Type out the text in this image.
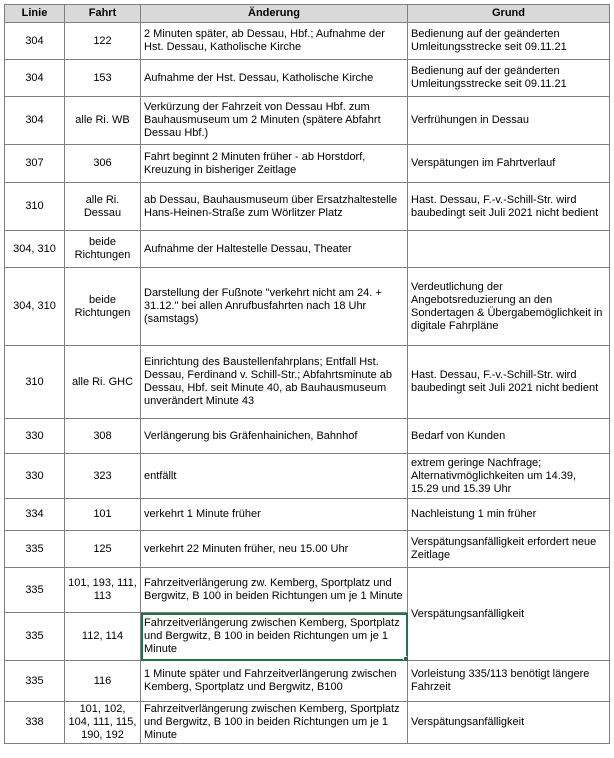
Linie	Fahrt	Änderung	Grund
304	122	2 Minuten später, ab Dessau, Hbf.; Aufnahme der Hst. Dessau, Katholische Kirche	Bedienung auf der geänderten Umleitungsstrecke seit 09.11.21
304	153	Aufnahme der Hst. Dessau, Katholische Kirche	Bedienung auf der geänderten Umleitungsstrecke seit 09.11.21
304	alle Ri. WB	Verkürzung der Fahrzeit von Dessau Hbf. zum Bauhausmuseum um 2 Minuten (spätere Abfahrt Dessau Hbf.)	Verfrühungen in Dessau
307	306	Fahrt beginnt 2 Minuten früher - ab Horstdorf, Kreuzung in bisheriger Zeitlage	Verspätungen im Fahrtverlauf
310	alle Ri. Dessau	ab Dessau, Bauhausmuseum über Ersatzhaltestelle Hans-Heinen-Straße zum Wörlitzer Platz	Hast. Dessau, F.-v.-Schill-Str. wird baubedingt seit Juli 2021 nicht bedient
304, 310	beide Richtungen	Aufnahme der Haltestelle Dessau, Theater	
304, 310	beide Richtungen	Darstellung der Fußnote "verkehrt nicht am 24. + 31.12." bei allen Anrufbusfahrten nach 18 Uhr (samstags)	Verdeutlichung der Angebotsreduzierung an den Sondertagen & Übergabemöglichkeit in digitale Fahrpläne
310	alle Ri. GHC	Einrichtung des Baustellenfahrplans; Entfall Hst. Dessau, Ferdinand v. Schill-Str.; Abfahrtsminute ab Dessau, Hbf. seit Minute 40, ab Bauhausmuseum unverändert Minute 43	Hast. Dessau, F.-v.-Schill-Str. wird baubedingt seit Juli 2021 nicht bedient
330	308	Verlängerung bis Gräfenhainichen, Bahnhof	Bedarf von Kunden
330	323	entfällt	extrem geringe Nachfrage; Alternativmöglichkeiten um 14.39, 15.29 und 15.39 Uhr
334	101	verkehrt 1 Minute früher	Nachleistung 1 min früher
335	125	verkehrt 22 Minuten früher, neu 15.00 Uhr	Verspätungsanfälligkeit erfordert neue Zeitlage
335	101, 193, 111, 113	Fahrzeitverlängerung zw. Kemberg, Sportplatz und Bergwitz, B 100 in beiden Richtungen um je 1 Minute	Verspätungsanfälligkeit
335	112, 114	Fahrzeitverlängerung zwischen Kemberg, Sportplatz und Bergwitz, B 100 in beiden Richtungen um je 1 Minute	

335	116	1 Minute später und Fahrzeitverlängerung zwischen Kemberg, Sportplatz und Bergwitz, B100	Vorleistung 335/113 benötigt längere Fahrzeit
338	101, 102, 104, 111, 115, 190, 192	Fahrzeitverlängerung zwischen Kemberg, Sportplatz und Bergwitz, B 100 in beiden Richtungen um je 1 Minute	Verspätungsanfälligkeit
